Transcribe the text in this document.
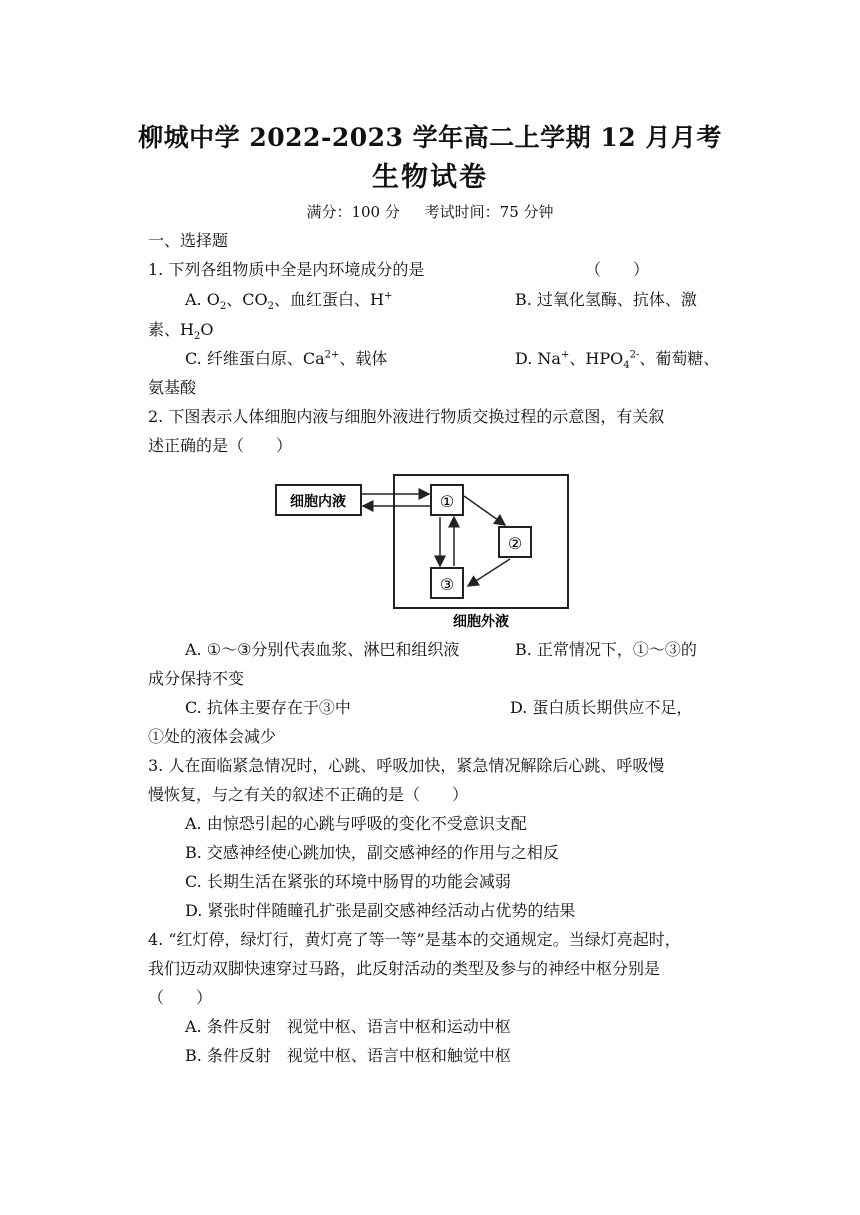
柳城中学 2022-2023 学年高二上学期 12 月月考
生物试卷
满分：100 分 考试时间：75 分钟
一、选择题
1. 下列各组物质中全是内环境成分的是	（　　）
A. $O_2$、$CO_2$、血红蛋白、H+	B. 过氧化氢酶、抗体、激
素、$H_2O$
C. 纤维蛋白原、$Ca^{2+}$、载体	D. Na+、$HPO_4^{2-}$、葡萄糖、
氨基酸
2. 下图表示人体细胞内液与细胞外液进行物质交换过程的示意图，有关叙
述正确的是（　　）
细胞内液	①
②
③
细胞外液
A. ①～③分别代表血浆、淋巴和组织液	B. 正常情况下，①～③的
成分保持不变
C. 抗体主要存在于③中	D. 蛋白质长期供应不足，
①处的液体会减少
3. 人在面临紧急情况时，心跳、呼吸加快，紧急情况解除后心跳、呼吸慢
慢恢复，与之有关的叙述不正确的是（　　）
A. 由惊恐引起的心跳与呼吸的变化不受意识支配
B. 交感神经使心跳加快，副交感神经的作用与之相反
C. 长期生活在紧张的环境中肠胃的功能会减弱
D. 紧张时伴随瞳孔扩张是副交感神经活动占优势的结果
4. “红灯停，绿灯行，黄灯亮了等一等”是基本的交通规定。当绿灯亮起时，
我们迈动双脚快速穿过马路，此反射活动的类型及参与的神经中枢分别是
（　　）
A. 条件反射　视觉中枢、语言中枢和运动中枢
B. 条件反射　视觉中枢、语言中枢和触觉中枢
